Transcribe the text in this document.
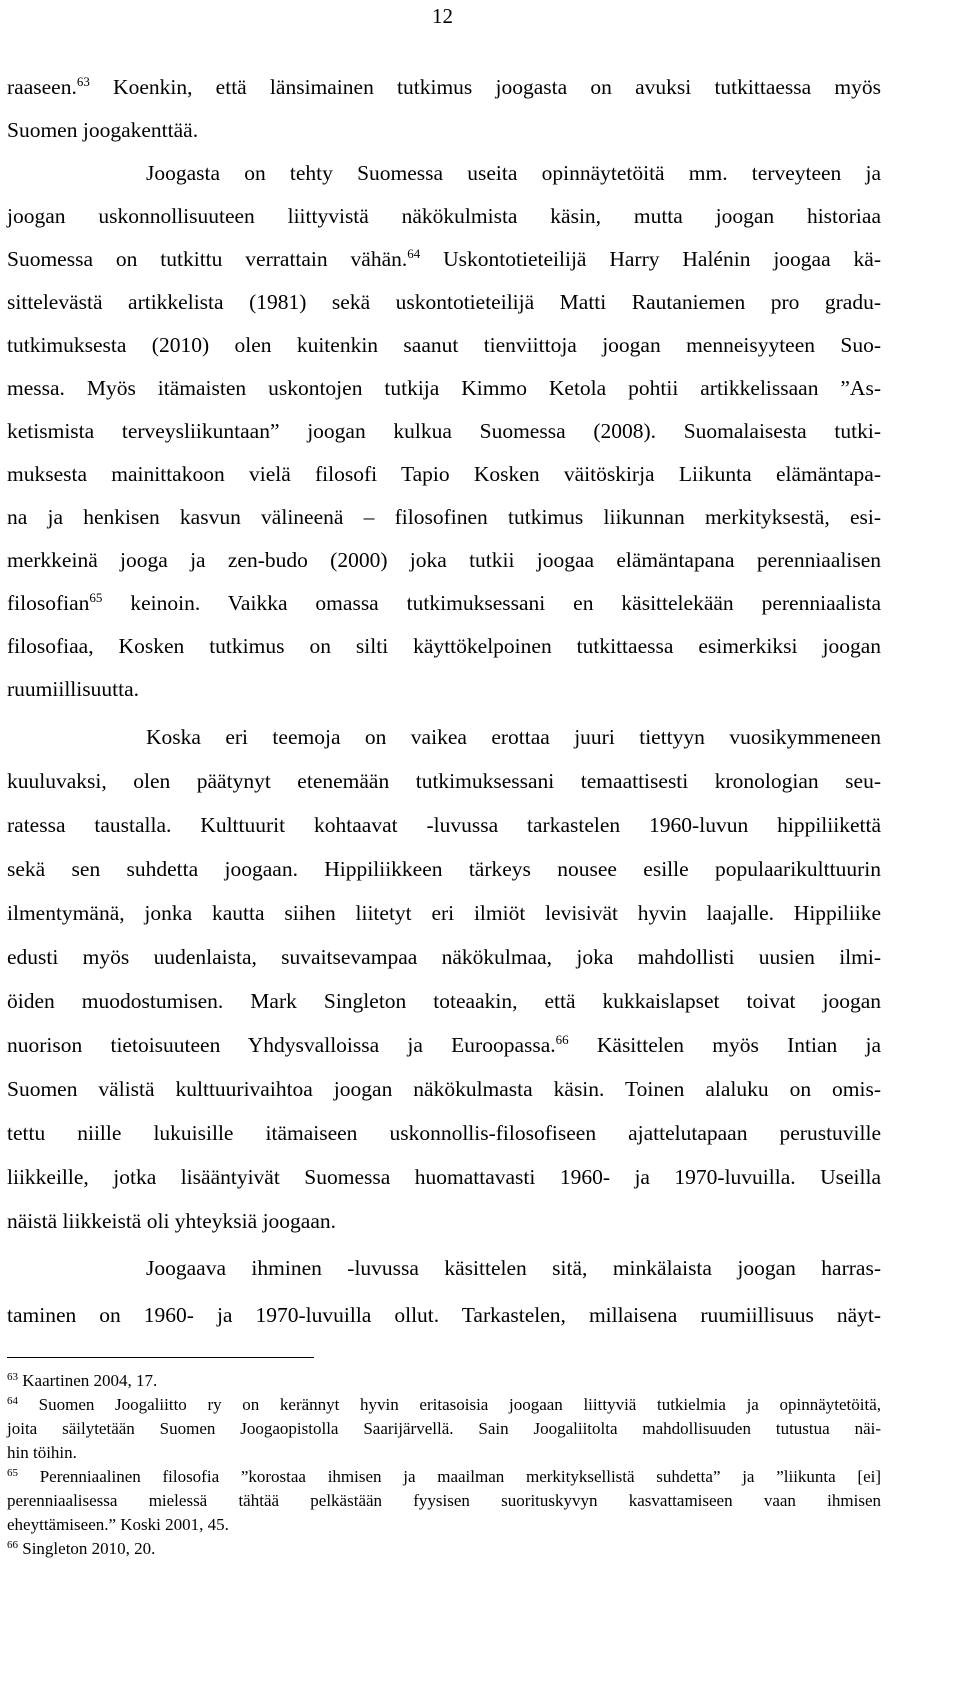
12
raaseen.$^{63}$ Koenkin, että länsimainen tutkimus joogasta on avuksi tutkittaessa myös
Suomen joogakenttää.
Joogasta on tehty Suomessa useita opinnäytetöitä mm. terveyteen ja
joogan uskonnollisuuteen liittyvistä näkökulmista käsin, mutta joogan historiaa
Suomessa on tutkittu verrattain vähän.$^{64}$ Uskontotieteilijä Harry Halénin joogaa kä-
sittelevästä artikkelista (1981) sekä uskontotieteilijä Matti Rautaniemen pro gradu-
tutkimuksesta (2010) olen kuitenkin saanut tienviittoja joogan menneisyyteen Suo-
messa. Myös itämaisten uskontojen tutkija Kimmo Ketola pohtii artikkelissaan ”As-
ketismista terveysliikuntaan” joogan kulkua Suomessa (2008). Suomalaisesta tutki-
muksesta mainittakoon vielä filosofi Tapio Kosken väitöskirja Liikunta elämäntapa-
na ja henkisen kasvun välineenä – filosofinen tutkimus liikunnan merkityksestä, esi-
merkkeinä jooga ja zen-budo (2000) joka tutkii joogaa elämäntapana perenniaalisen
filosofian$^{65}$ keinoin. Vaikka omassa tutkimuksessani en käsittelekään perenniaalista
filosofiaa, Kosken tutkimus on silti käyttökelpoinen tutkittaessa esimerkiksi joogan
ruumiillisuutta.
Koska eri teemoja on vaikea erottaa juuri tiettyyn vuosikymmeneen
kuuluvaksi, olen päätynyt etenemään tutkimuksessani temaattisesti kronologian seu-
ratessa taustalla. Kulttuurit kohtaavat -luvussa tarkastelen 1960-luvun hippiliikettä
sekä sen suhdetta joogaan. Hippiliikkeen tärkeys nousee esille populaarikulttuurin
ilmentymänä, jonka kautta siihen liitetyt eri ilmiöt levisivät hyvin laajalle. Hippiliike
edusti myös uudenlaista, suvaitsevampaa näkökulmaa, joka mahdollisti uusien ilmi-
öiden muodostumisen. Mark Singleton toteaakin, että kukkaislapset toivat joogan
nuorison tietoisuuteen Yhdysvalloissa ja Euroopassa.$^{66}$ Käsittelen myös Intian ja
Suomen välistä kulttuurivaihtoa joogan näkökulmasta käsin. Toinen alaluku on omis-
tettu niille lukuisille itämaiseen uskonnollis-filosofiseen ajattelutapaan perustuville
liikkeille, jotka lisääntyivät Suomessa huomattavasti 1960- ja 1970-luvuilla. Useilla
näistä liikkeistä oli yhteyksiä joogaan.
Joogaava ihminen -luvussa käsittelen sitä, minkälaista joogan harras-
taminen on 1960- ja 1970-luvuilla ollut. Tarkastelen, millaisena ruumiillisuus näyt-
$^{63}$ Kaartinen 2004, 17.
$^{64}$ Suomen Joogaliitto ry on kerännyt hyvin eritasoisia joogaan liittyviä tutkielmia ja opinnäytetöitä,
joita säilytetään Suomen Joogaopistolla Saarijärvellä. Sain Joogaliitolta mahdollisuuden tutustua näi-
hin töihin.
$^{65}$ Perenniaalinen filosofia ”korostaa ihmisen ja maailman merkityksellistä suhdetta” ja ”liikunta [ei]
perenniaalisessa mielessä tähtää pelkästään fyysisen suorituskyvyn kasvattamiseen vaan ihmisen
eheyttämiseen.” Koski 2001, 45.
$^{66}$ Singleton 2010, 20.
